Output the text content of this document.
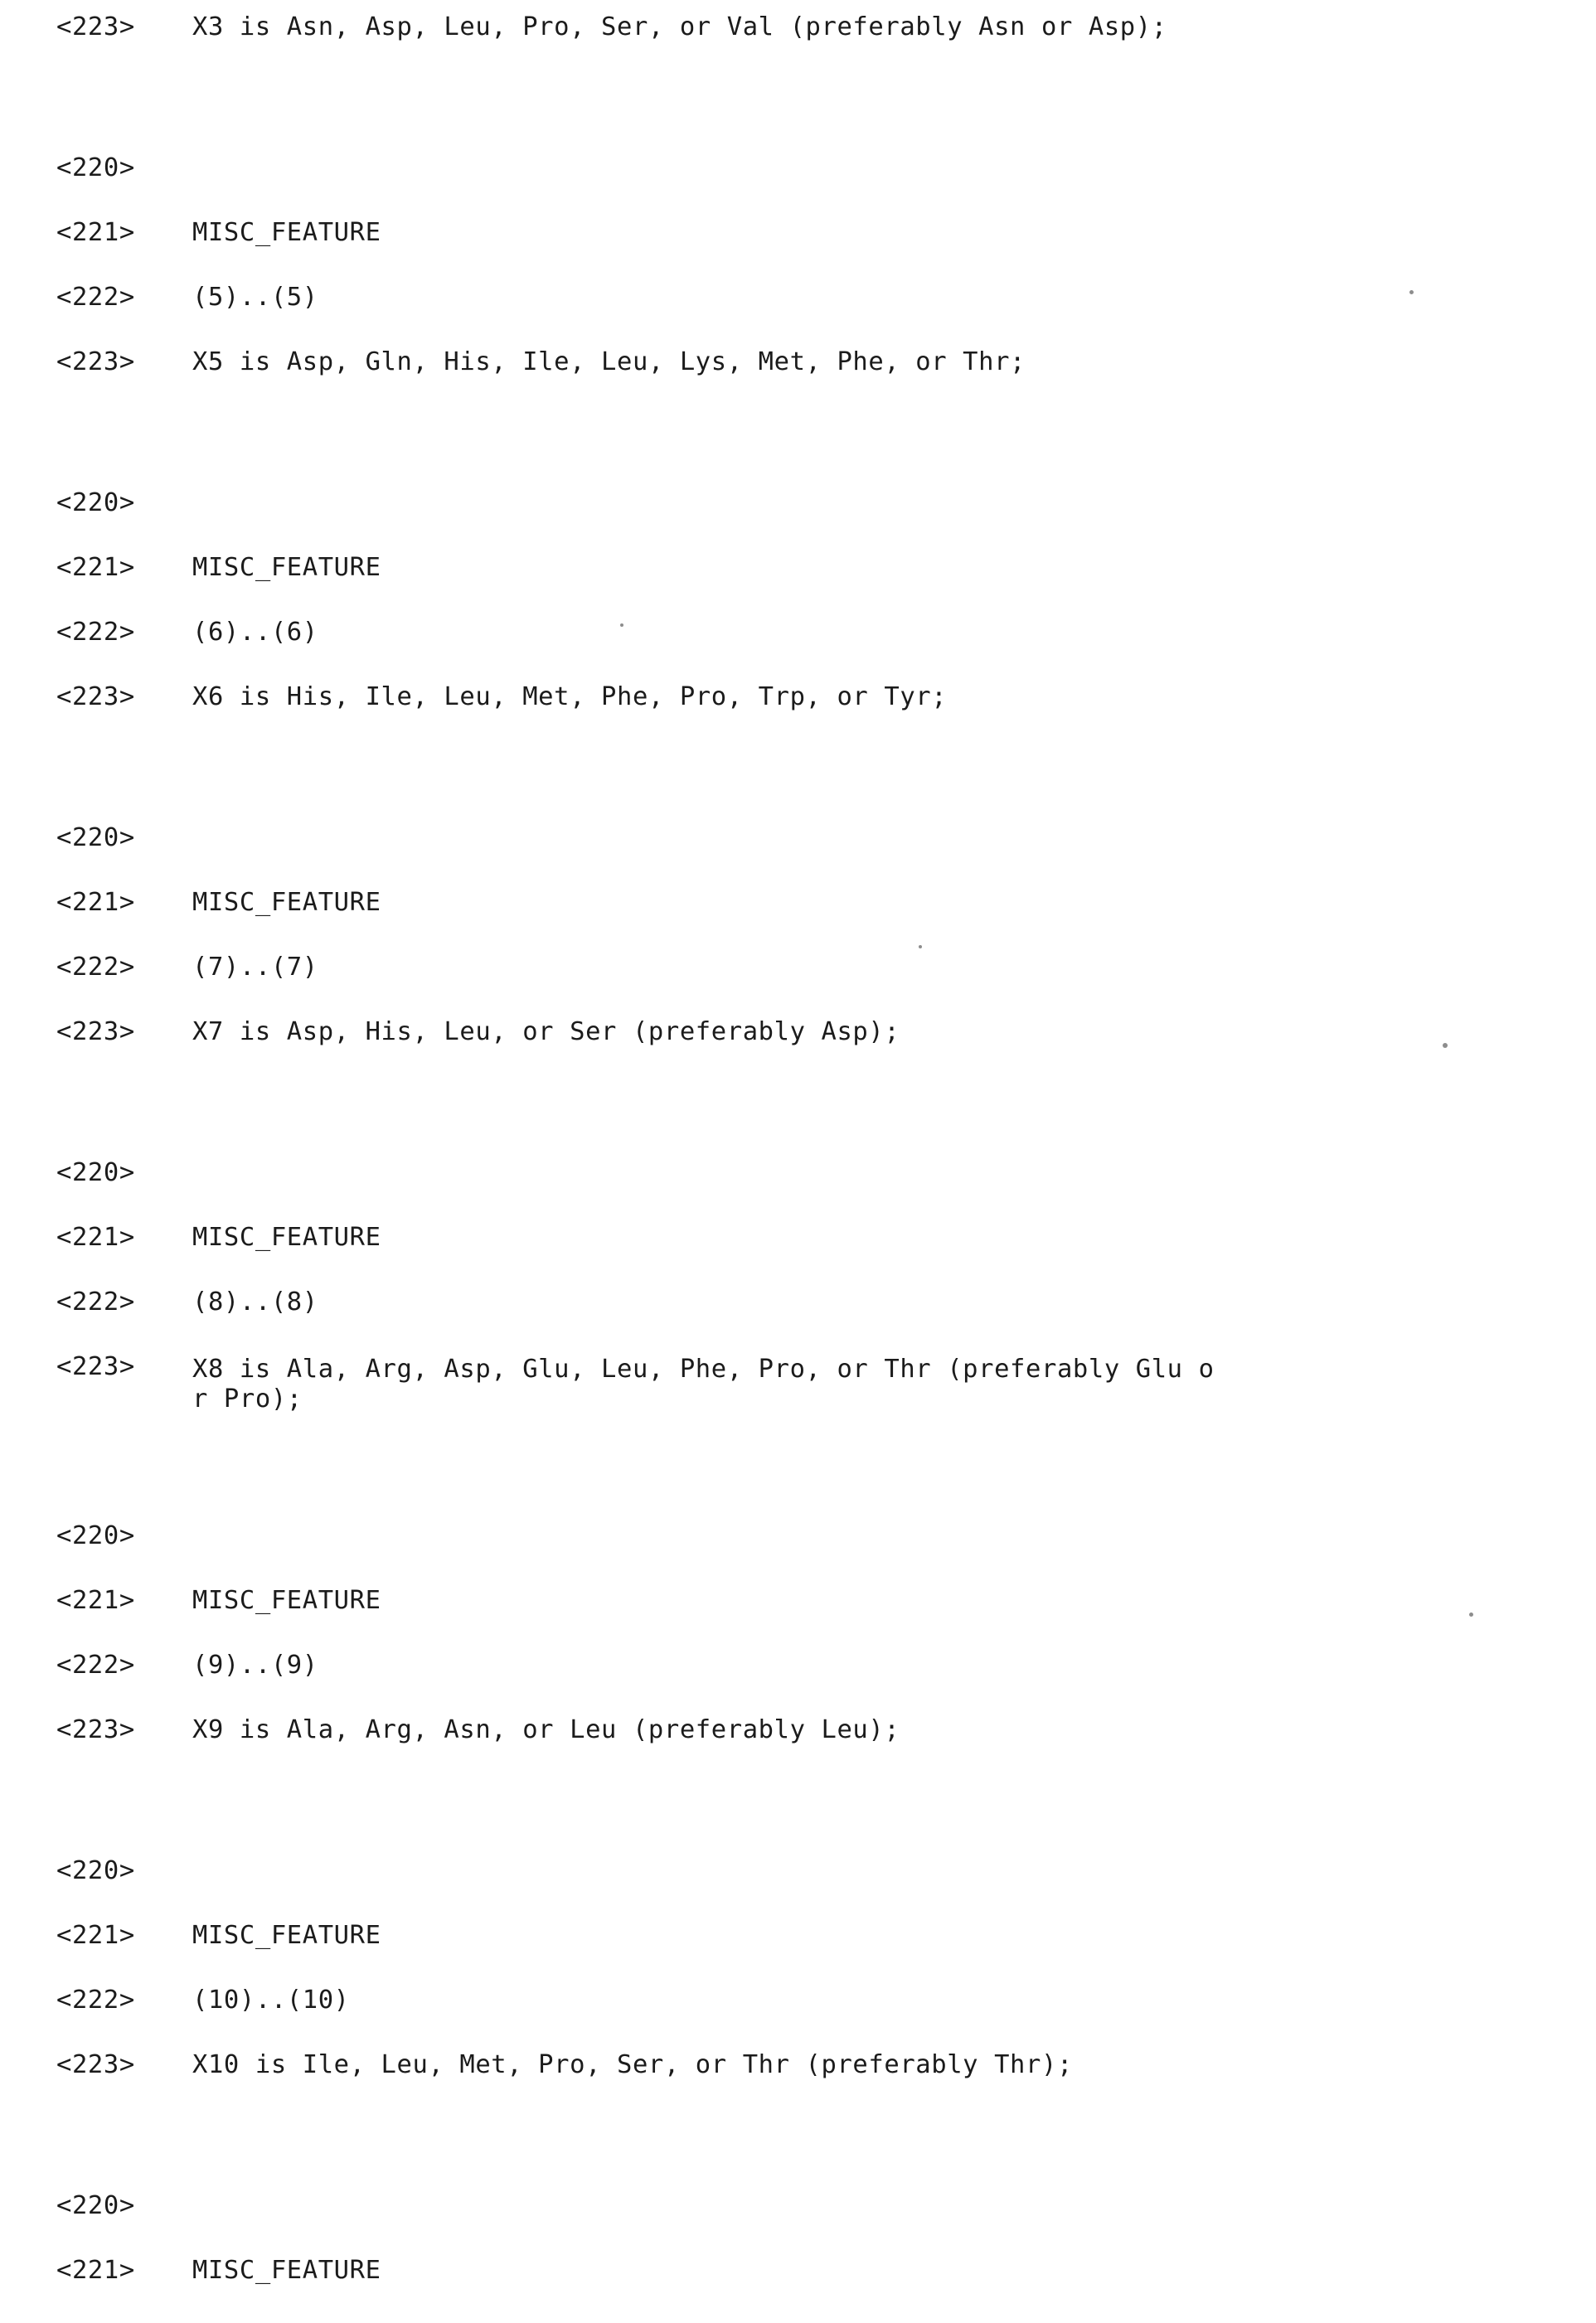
<223>	X3 is Asn, Asp, Leu, Pro, Ser, or Val (preferably Asn or Asp);
<220>
<221>	MISC_FEATURE
<222>	(5)..(5)
<223>	X5 is Asp, Gln, His, Ile, Leu, Lys, Met, Phe, or Thr;
<220>
<221>	MISC_FEATURE
<222>	(6)..(6)
<223>	X6 is His, Ile, Leu, Met, Phe, Pro, Trp, or Tyr;
<220>
<221>	MISC_FEATURE
<222>	(7)..(7)
<223>	X7 is Asp, His, Leu, or Ser (preferably Asp);
<220>
<221>	MISC_FEATURE
<222>	(8)..(8)
<223>	X8 is Ala, Arg, Asp, Glu, Leu, Phe, Pro, or Thr (preferably Glu o
r Pro);
<220>
<221>	MISC_FEATURE
<222>	(9)..(9)
<223>	X9 is Ala, Arg, Asn, or Leu (preferably Leu);
<220>
<221>	MISC_FEATURE
<222>	(10)..(10)
<223>	X10 is Ile, Leu, Met, Pro, Ser, or Thr (preferably Thr);
<220>
<221>	MISC_FEATURE
